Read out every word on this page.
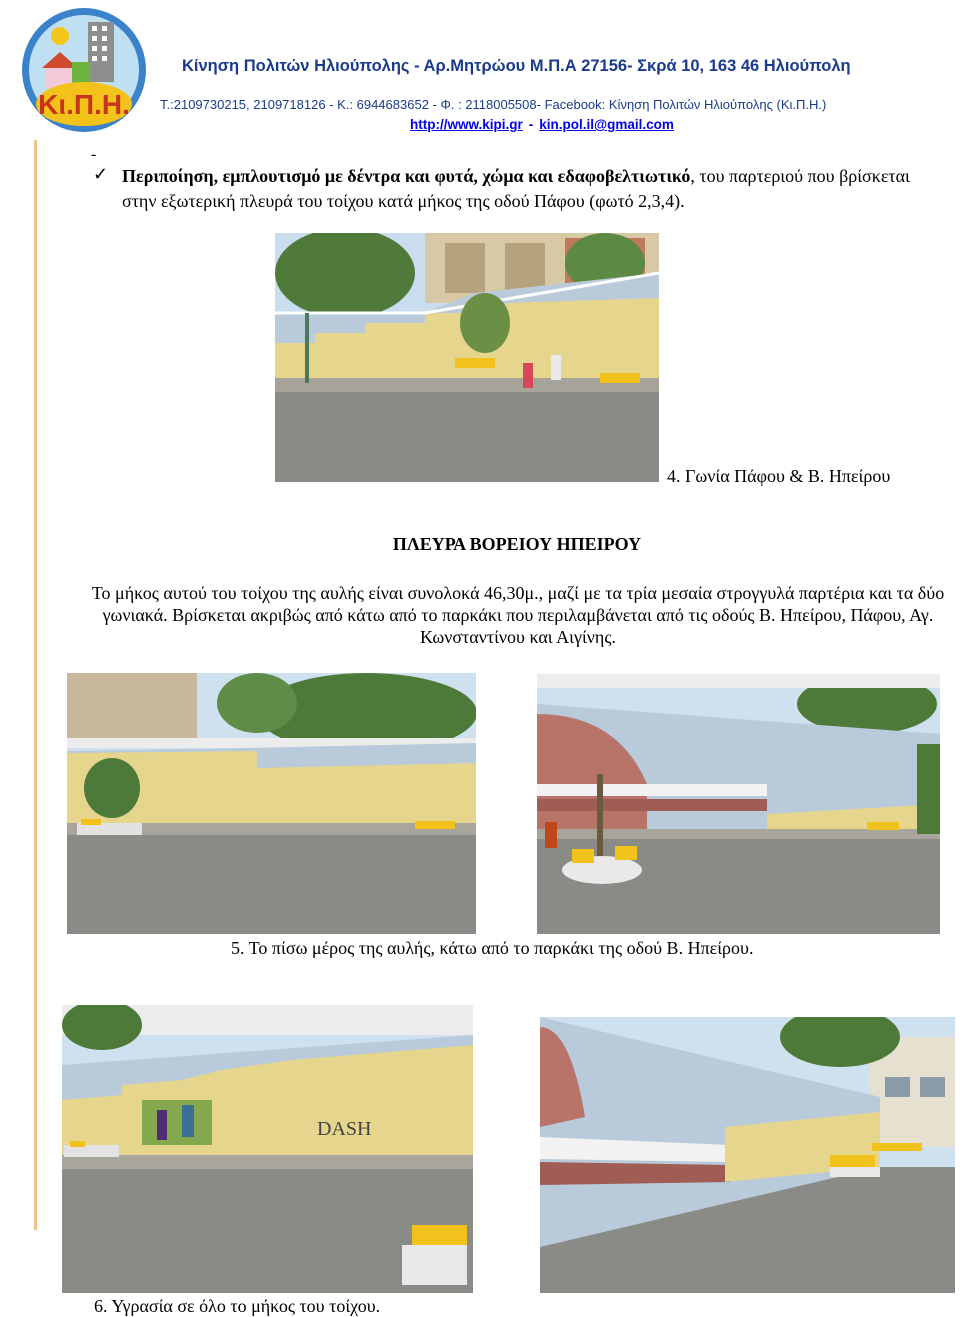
Κι.Π.Η.
Κίνηση Πολιτών Ηλιούπολης - Αρ.Μητρώου Μ.Π.Α 27156- Σκρά 10, 163 46 Ηλιούπολη
Τ.:2109730215, 2109718126 - Κ.: 6944683652 - Φ. : 2118005508- Facebook: Κίνηση Πολιτών Ηλιούπολης (Κι.Π.Η.)
http://www.kipi.gr - kin.pol.il@gmail.com
-
✓ Περιποίηση, εμπλουτισμό με δέντρα και φυτά, χώμα και εδαφοβελτιωτικό, του παρτεριού που βρίσκεται στην εξωτερική πλευρά του τοίχου κατά μήκος της οδού Πάφου (φωτό 2,3,4).
4. Γωνία Πάφου & Β. Ηπείρου
ΠΛΕΥΡΑ ΒΟΡΕΙΟΥ ΗΠΕΙΡΟΥ
Το μήκος αυτού του τοίχου της αυλής είναι συνολοκά 46,30μ., μαζί με τα τρία μεσαία στρογγυλά παρτέρια και τα δύο γωνιακά. Βρίσκεται ακριβώς από κάτω από το παρκάκι που περιλαμβάνεται από τις οδούς Β. Ηπείρου, Πάφου, Αγ. Κωνσταντίνου και Αιγίνης.
5. Το πίσω μέρος της αυλής, κάτω από το παρκάκι της οδού Β. Ηπείρου.
DASH
6. Υγρασία σε όλο το μήκος του τοίχου.
